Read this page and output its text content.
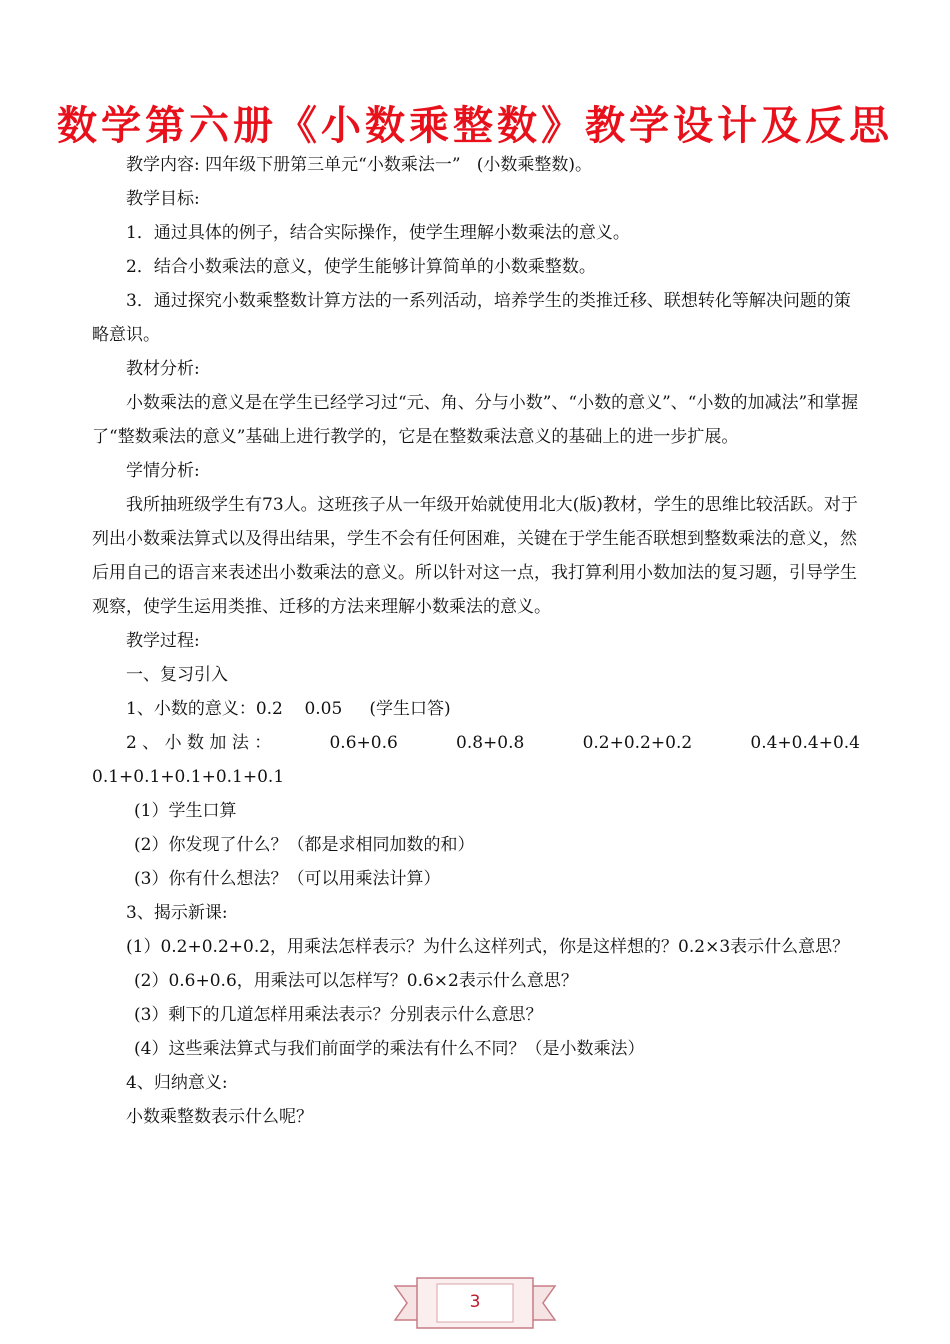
数学第六册《小数乘整数》教学设计及反思

教学内容: 四年级下册第三单元“小数乘法一”   (小数乘整数)。

教学目标:

1．通过具体的例子，结合实际操作，使学生理解小数乘法的意义。

2．结合小数乘法的意义，使学生能够计算简单的小数乘整数。

3．通过探究小数乘整数计算方法的一系列活动，培养学生的类推迁移、联想转化等解决问题的策略意识。

教材分析:

小数乘法的意义是在学生已经学习过“元、角、分与小数”、“小数的意义”、“小数的加减法”和掌握了“整数乘法的意义”基础上进行教学的，它是在整数乘法意义的基础上的进一步扩展。

学情分析:

我所抽班级学生有73人。这班孩子从一年级开始就使用北大(版)教材，学生的思维比较活跃。对于列出小数乘法算式以及得出结果，学生不会有任何困难，关键在于学生能否联想到整数乘法的意义，然后用自己的语言来表述出小数乘法的意义。所以针对这一点，我打算利用小数加法的复习题，引导学生观察，使学生运用类推、迁移的方法来理解小数乘法的意义。

教学过程:

一、复习引入

1、小数的意义：0.2    0.05     (学生口答)

2 、 小 数 加 法 ：	0.6+0.6	0.8+0.8	0.2+0.2+0.2	0.4+0.4+0.4
0.1+0.1+0.1+0.1+0.1

(1）学生口算

(2）你发现了什么？（都是求相同加数的和）

(3）你有什么想法？（可以用乘法计算）

3、揭示新课:

(1）0.2+0.2+0.2，用乘法怎样表示？为什么这样列式，你是这样想的？0.2×3表示什么意思？

(2）0.6+0.6，用乘法可以怎样写？0.6×2表示什么意思？

(3）剩下的几道怎样用乘法表示？分别表示什么意思？

(4）这些乘法算式与我们前面学的乘法有什么不同？（是小数乘法）

4、归纳意义:

小数乘整数表示什么呢？

3
